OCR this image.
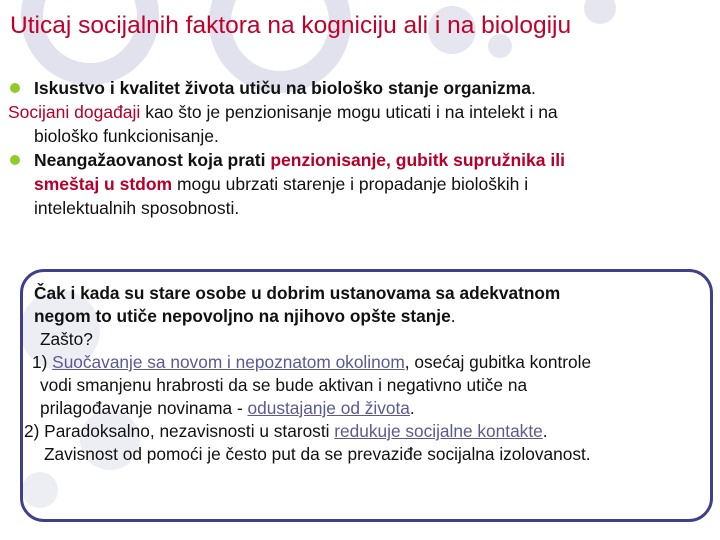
Uticaj socijalnih faktora na kogniciju ali i na biologiju
Iskustvo i kvalitet života utiču na biološko stanje organizma.
Socijani događaji kao što je penzionisanje mogu uticati i na intelekt i na
biološko funkcionisanje.
Neangažaovanost koja prati penzionisanje, gubitk supružnika ili
smeštaj u stdom mogu ubrzati starenje i propadanje bioloških i
intelektualnih sposobnosti.
Čak i kada su stare osobe u dobrim ustanovama sa adekvatnom
negom to utiče nepovoljno na njihovo opšte stanje.
Zašto?
1) Suočavanje sa novom i nepoznatom okolinom, osećaj gubitka kontrole
vodi smanjenu hrabrosti da se bude aktivan i negativno utiče na
prilagođavanje novinama - odustajanje od života.
2) Paradoksalno, nezavisnosti u starosti redukuje socijalne kontakte.
Zavisnost od pomoći je često put da se prevaziđe socijalna izolovanost.
